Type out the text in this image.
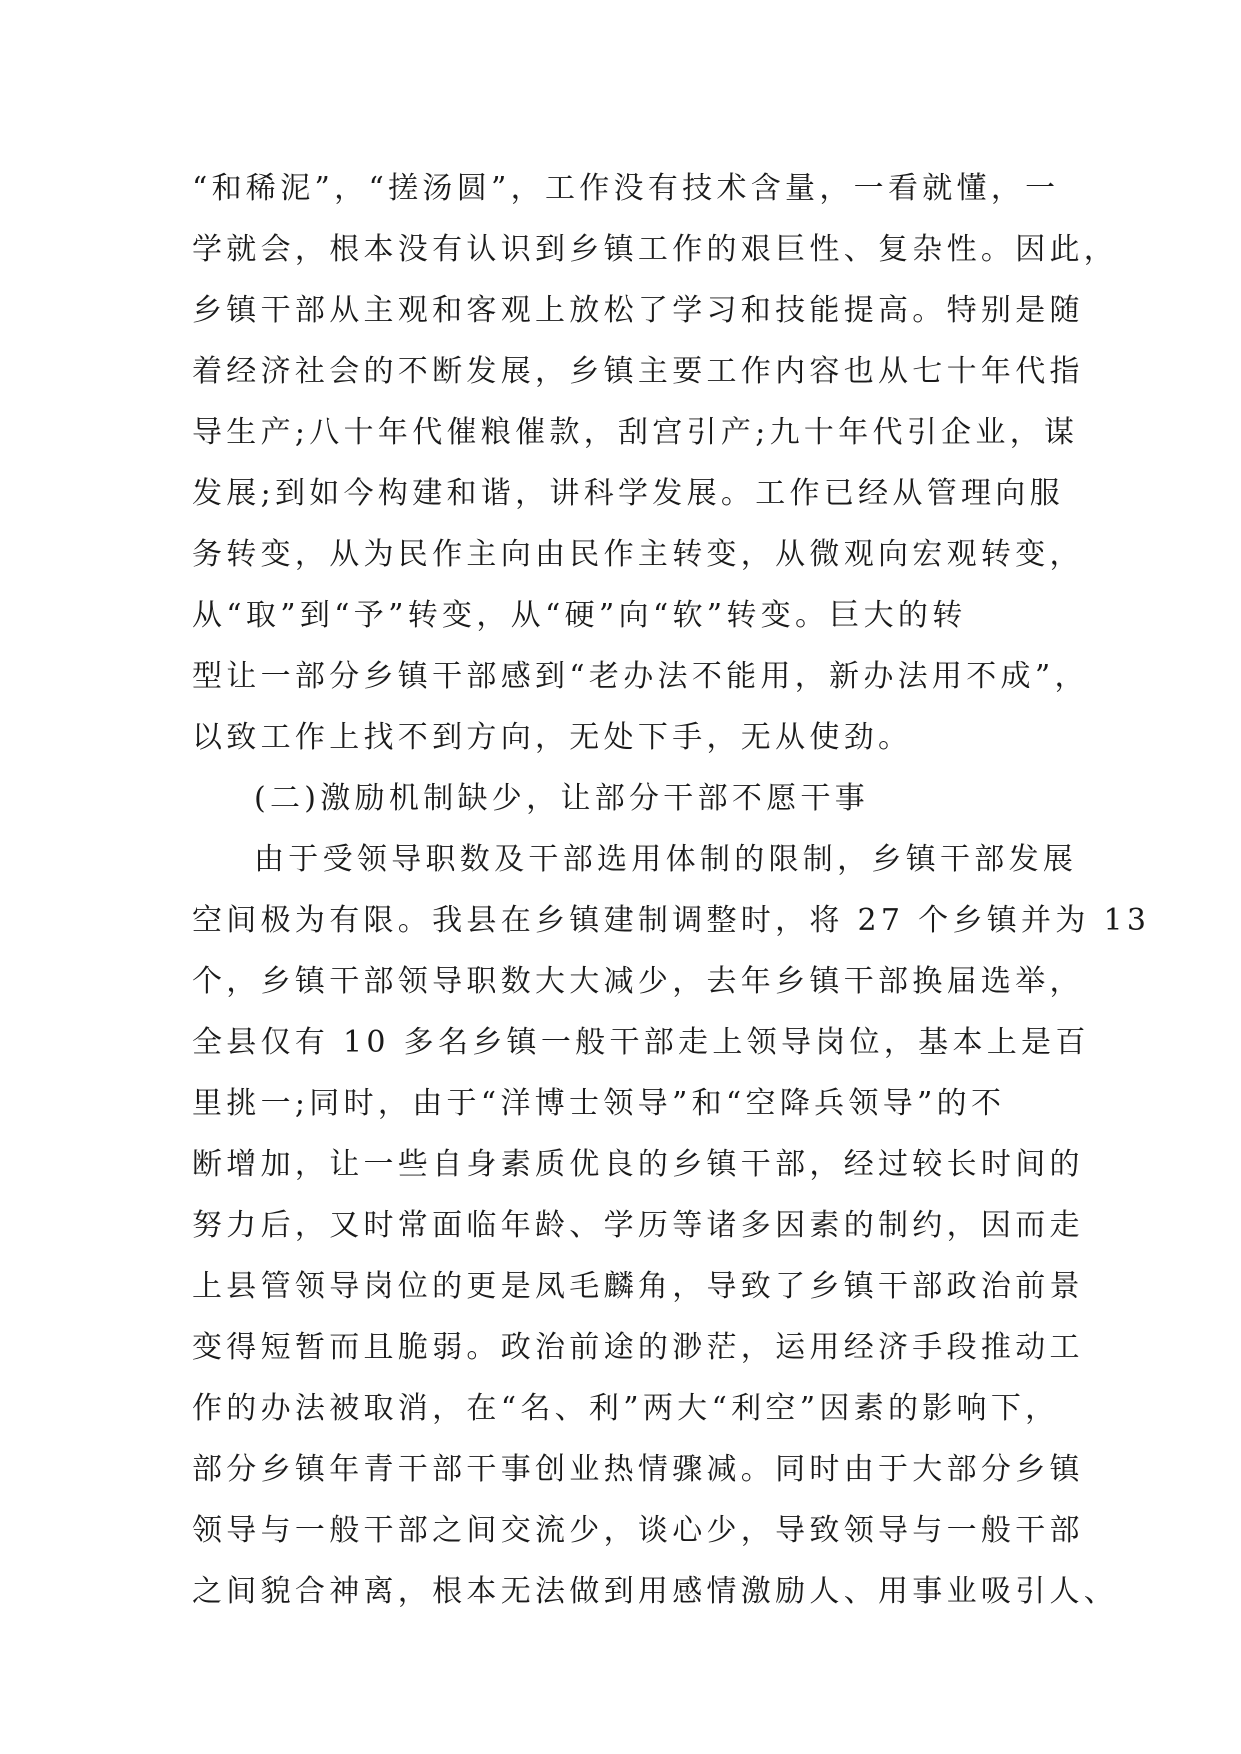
“和稀泥”，“搓汤圆”，工作没有技术含量，一看就懂，一
学就会，根本没有认识到乡镇工作的艰巨性、复杂性。因此，
乡镇干部从主观和客观上放松了学习和技能提高。特别是随
着经济社会的不断发展，乡镇主要工作内容也从七十年代指
导生产;八十年代催粮催款，刮宫引产;九十年代引企业，谋
发展;到如今构建和谐，讲科学发展。工作已经从管理向服
务转变，从为民作主向由民作主转变，从微观向宏观转变，
从“取”到“予”转变，从“硬”向“软”转变。巨大的转
型让一部分乡镇干部感到“老办法不能用，新办法用不成”，
以致工作上找不到方向，无处下手，无从使劲。
(二)激励机制缺少，让部分干部不愿干事
由于受领导职数及干部选用体制的限制，乡镇干部发展
空间极为有限。我县在乡镇建制调整时，将 27 个乡镇并为 13
个，乡镇干部领导职数大大减少，去年乡镇干部换届选举，
全县仅有 10 多名乡镇一般干部走上领导岗位，基本上是百
里挑一;同时，由于“洋博士领导”和“空降兵领导”的不
断增加，让一些自身素质优良的乡镇干部，经过较长时间的
努力后，又时常面临年龄、学历等诸多因素的制约，因而走
上县管领导岗位的更是凤毛麟角，导致了乡镇干部政治前景
变得短暂而且脆弱。政治前途的渺茫，运用经济手段推动工
作的办法被取消，在“名、利”两大“利空”因素的影响下，
部分乡镇年青干部干事创业热情骤减。同时由于大部分乡镇
领导与一般干部之间交流少，谈心少，导致领导与一般干部
之间貌合神离，根本无法做到用感情激励人、用事业吸引人、
